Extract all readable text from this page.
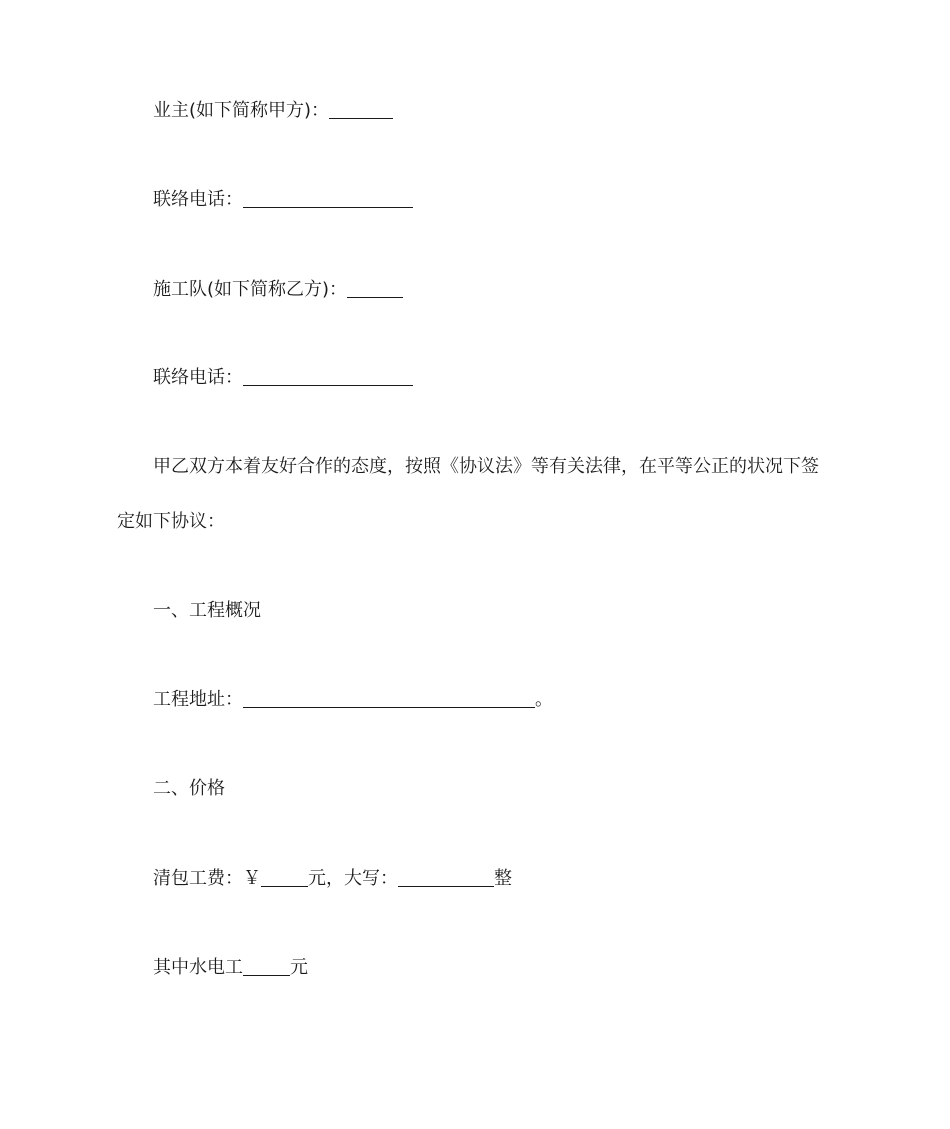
业主(如下简称甲方)：
联络电话：
施工队(如下简称乙方)：
联络电话：
甲乙双方本着友好合作的态度，按照《协议法》等有关法律，在平等公正的状况下签
定如下协议：
一、工程概况
工程地址：	。
二、价格
清包工费：￥	元，大写：	整
其中水电工	元
